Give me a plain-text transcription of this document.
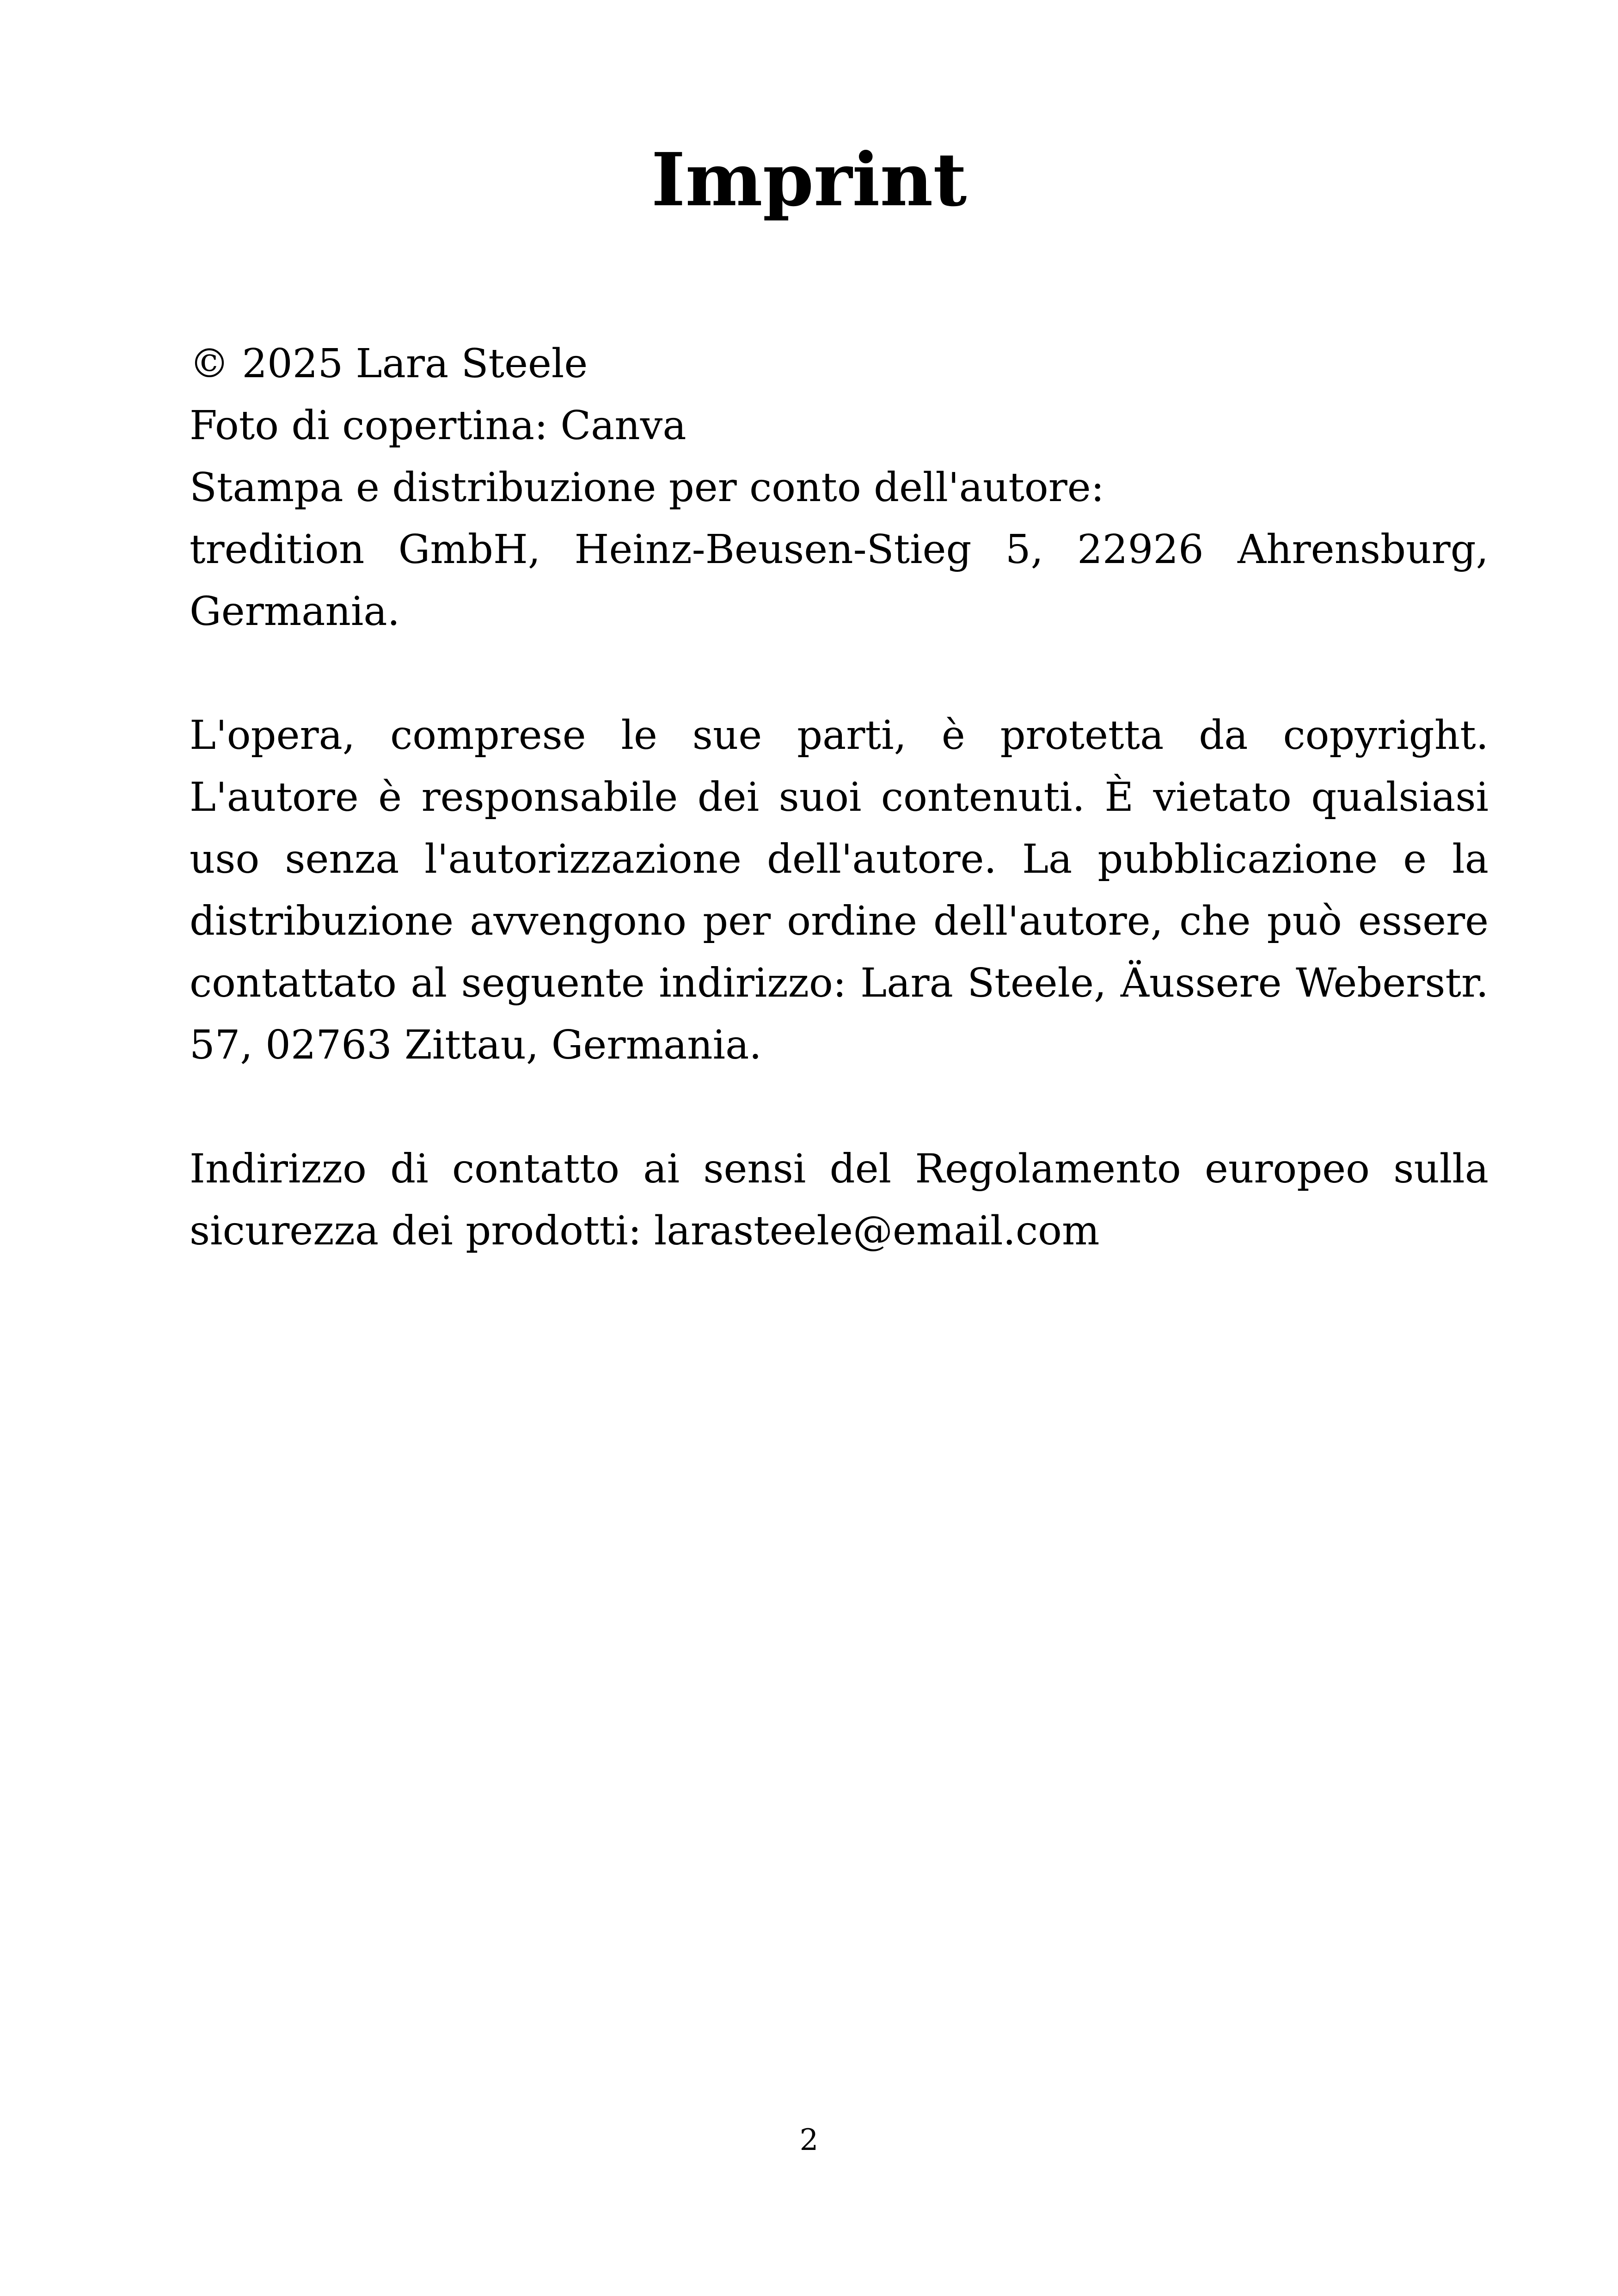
Imprint
© 2025 Lara Steele
Foto di copertina: Canva
Stampa e distribuzione per conto dell'autore:
tredition GmbH, Heinz-Beusen-Stieg 5, 22926 Ahrensburg,
Germania.

L'opera, comprese le sue parti, è protetta da copyright. L'autore è responsabile dei suoi contenuti. È vietato qualsiasi uso senza l'autorizzazione dell'autore. La pubblicazione e la distribuzione avvengono per ordine dell'autore, che può essere contattato al seguente indirizzo: Lara Steele, Äussere Weberstr. 57, 02763 Zittau, Germania.

Indirizzo di contatto ai sensi del Regolamento europeo sulla sicurezza dei prodotti: larasteele@email.com

2
